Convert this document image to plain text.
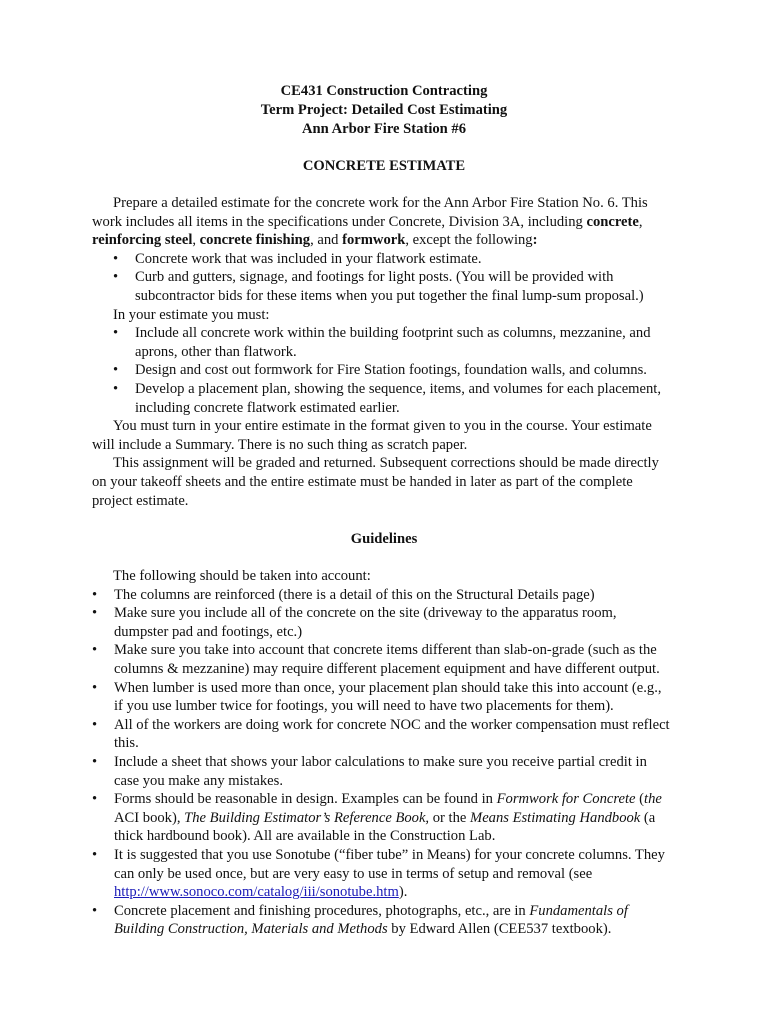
CE431 Construction Contracting
Term Project: Detailed Cost Estimating
Ann Arbor Fire Station #6
CONCRETE ESTIMATE

Prepare a detailed estimate for the concrete work for the Ann Arbor Fire Station No. 6. This work includes all items in the specifications under Concrete, Division 3A, including concrete, reinforcing steel, concrete finishing, and formwork, except the following:

• Concrete work that was included in your flatwork estimate.
• Curb and gutters, signage, and footings for light posts. (You will be provided with subcontractor bids for these items when you put together the final lump-sum proposal.)

In your estimate you must:

• Include all concrete work within the building footprint such as columns, mezzanine, and aprons, other than flatwork.
• Design and cost out formwork for Fire Station footings, foundation walls, and columns.
• Develop a placement plan, showing the sequence, items, and volumes for each placement, including concrete flatwork estimated earlier.

You must turn in your entire estimate in the format given to you in the course. Your estimate will include a Summary. There is no such thing as scratch paper.

This assignment will be graded and returned. Subsequent corrections should be made directly on your takeoff sheets and the entire estimate must be handed in later as part of the complete project estimate.

Guidelines

The following should be taken into account:

• The columns are reinforced (there is a detail of this on the Structural Details page)
• Make sure you include all of the concrete on the site (driveway to the apparatus room, dumpster pad and footings, etc.)
• Make sure you take into account that concrete items different than slab-on-grade (such as the columns & mezzanine) may require different placement equipment and have different output.
• When lumber is used more than once, your placement plan should take this into account (e.g., if you use lumber twice for footings, you will need to have two placements for them).
• All of the workers are doing work for concrete NOC and the worker compensation must reflect this.
• Include a sheet that shows your labor calculations to make sure you receive partial credit in case you make any mistakes.
• Forms should be reasonable in design. Examples can be found in Formwork for Concrete (the ACI book), The Building Estimator’s Reference Book, or the Means Estimating Handbook (a thick hardbound book). All are available in the Construction Lab.
• It is suggested that you use Sonotube (“fiber tube” in Means) for your concrete columns. They can only be used once, but are very easy to use in terms of setup and removal (see http://www.sonoco.com/catalog/iii/sonotube.htm).
• Concrete placement and finishing procedures, photographs, etc., are in Fundamentals of Building Construction, Materials and Methods by Edward Allen (CEE537 textbook).
